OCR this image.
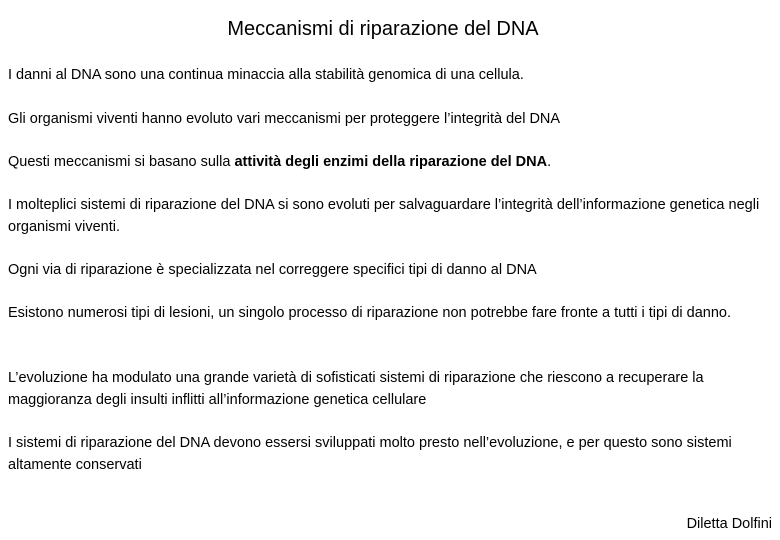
Meccanismi di riparazione del DNA
I danni al DNA sono una continua minaccia alla stabilità genomica di una cellula.
Gli organismi viventi hanno evoluto vari meccanismi per proteggere l’integrità del DNA
Questi meccanismi si basano sulla attività degli enzimi della riparazione del DNA.
I molteplici sistemi di riparazione del DNA si sono evoluti per salvaguardare l’integrità dell’informazione genetica negli organismi viventi.
Ogni via di riparazione è specializzata nel correggere specifici tipi di danno al DNA
Esistono numerosi tipi di lesioni, un singolo processo di riparazione non potrebbe fare fronte a tutti i tipi di danno.
L’evoluzione ha modulato una grande varietà di sofisticati sistemi di riparazione che riescono a recuperare la maggioranza degli insulti inflitti all’informazione genetica cellulare
I sistemi di riparazione del DNA devono essersi sviluppati molto presto nell’evoluzione, e per questo sono sistemi altamente conservati
Diletta Dolfini
